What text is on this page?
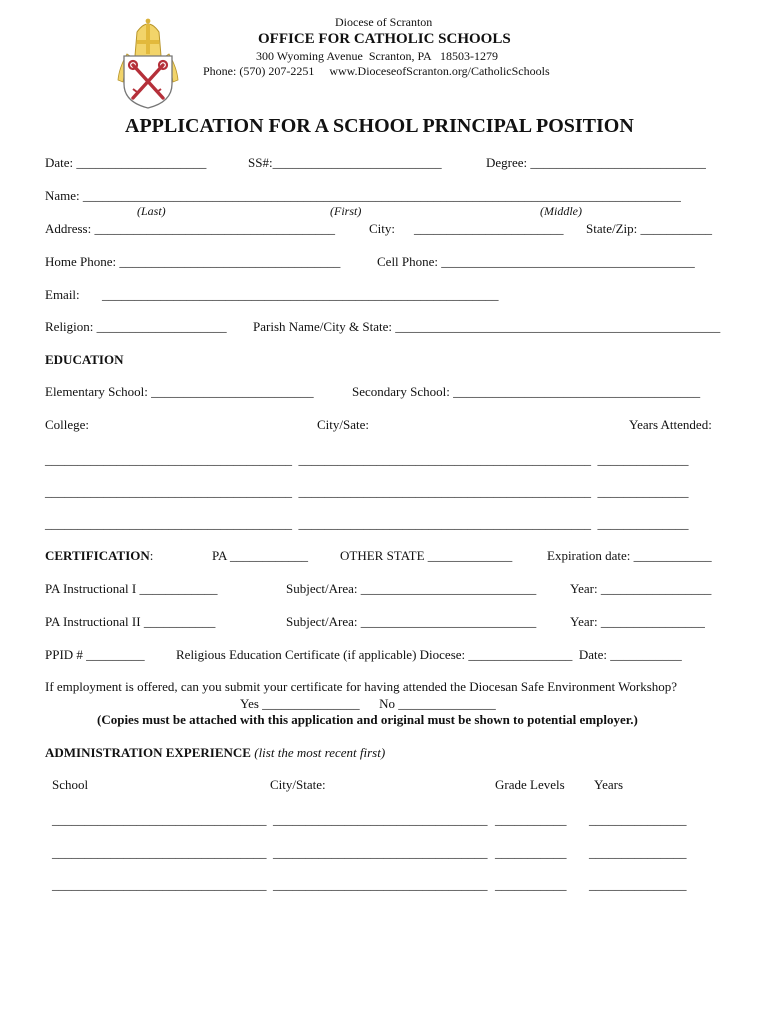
Diocese of Scranton
OFFICE FOR CATHOLIC SCHOOLS
300 Wyoming Avenue  Scranton, PA   18503-1279
Phone: (570) 207-2251     www.DioceseofScranton.org/CatholicSchools
APPLICATION FOR A SCHOOL PRINCIPAL POSITION
Date: ____________________	SS#:__________________________	Degree: ___________________________
Name: ____________________________________________________________________________________________
(Last)	(First)	(Middle)
Address: _____________________________________	City: _______________________ State/Zip: ___________
Home Phone: __________________________________	Cell Phone: _______________________________________
Email: _____________________________________________________________
Religion: ____________________ Parish Name/City & State: __________________________________________________
EDUCATION
Elementary School: _________________________	Secondary School: ______________________________________
College:	City/Sate:	Years Attended:
______________________________________  _____________________________________________  ______________
______________________________________  _____________________________________________  ______________
______________________________________  _____________________________________________  ______________
CERTIFICATION:	PA ____________ OTHER STATE _____________	Expiration date: ____________
PA Instructional I ____________	Subject/Area: ___________________________	Year: _________________
PA Instructional II ___________	Subject/Area: ___________________________	Year: ________________
PPID # _________ Religious Education Certificate (if applicable) Diocese: ________________  Date: ___________
If employment is offered, can you submit your certificate for having attended the Diocesan Safe Environment Workshop?
Yes _______________      No _______________
(Copies must be attached with this application and original must be shown to potential employer.)
ADMINISTRATION EXPERIENCE (list the most recent first)
School	City/State:	Grade Levels Years
_________________________________ _________________________________ ___________ _______________
_________________________________ _________________________________ ___________ _______________
_________________________________ _________________________________ ___________ _______________
